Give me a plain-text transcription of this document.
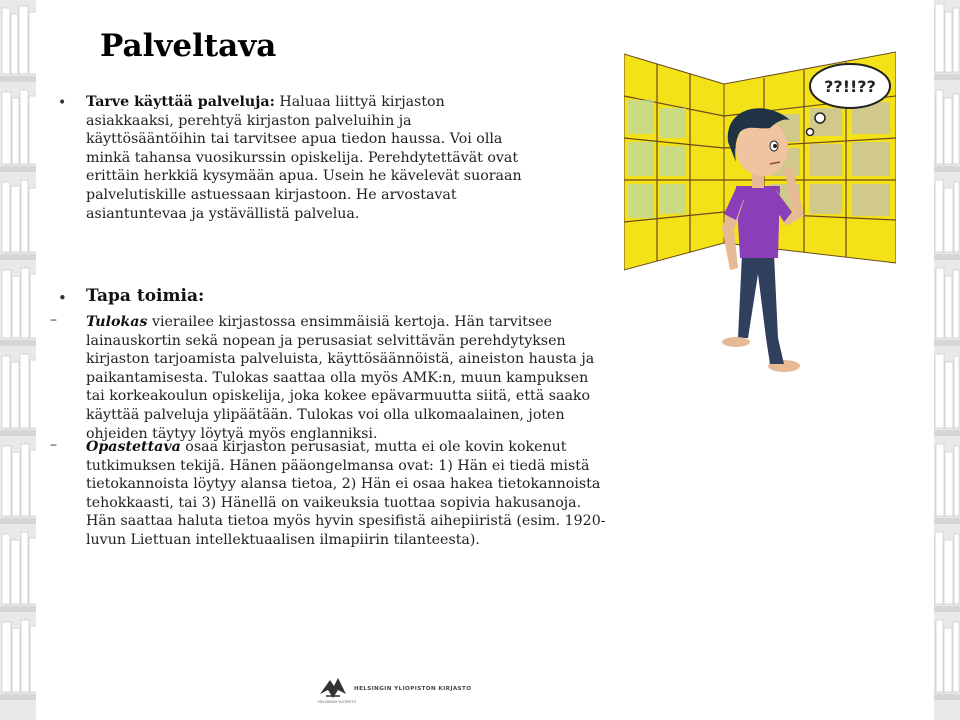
Palveltava
• Tarve käyttää palveluja: Haluaa liittyä kirjaston
asiakkaaksi, perehtyä kirjaston palveluihin ja
käyttösääntöihin tai tarvitsee apua tiedon haussa. Voi olla
minkä tahansa vuosikurssin opiskelija. Perehdytettävät ovat
erittäin herkkiä kysymään apua. Usein he kävelevät suoraan
palvelutiskille astuessaan kirjastoon. He arvostavat
asiantuntevaa ja ystävällistä palvelua.
• Tapa toimia:
– Tulokas vierailee kirjastossa ensimmäisiä kertoja. Hän tarvitsee
lainauskortin sekä nopean ja perusasiat selvittävän perehdytyksen
kirjaston tarjoamista palveluista, käyttösäännöistä, aineiston hausta ja
paikantamisesta. Tulokas saattaa olla myös AMK:n, muun kampuksen
tai korkeakoulun opiskelija, joka kokee epävarmuutta siitä, että saako
käyttää palveluja ylipäätään. Tulokas voi olla ulkomaalainen, joten
ohjeiden täytyy löytyä myös englanniksi.
– Opastettava osaa kirjaston perusasiat, mutta ei ole kovin kokenut
tutkimuksen tekijä. Hänen pääongelmansa ovat: 1) Hän ei tiedä mistä
tietokannoista löytyy alansa tietoa, 2) Hän ei osaa hakea tietokannoista
tehokkaasti, tai 3) Hänellä on vaikeuksia tuottaa sopivia hakusanoja.
Hän saattaa haluta tietoa myös hyvin spesifistä aihepiiristä (esim. 1920-
luvun Liettuan intellektuaalisen ilmapiirin tilanteesta).
??!!??
HELSINGIN YLIOPISTON KIRJASTO
HELSINGIN YLIOPISTO
